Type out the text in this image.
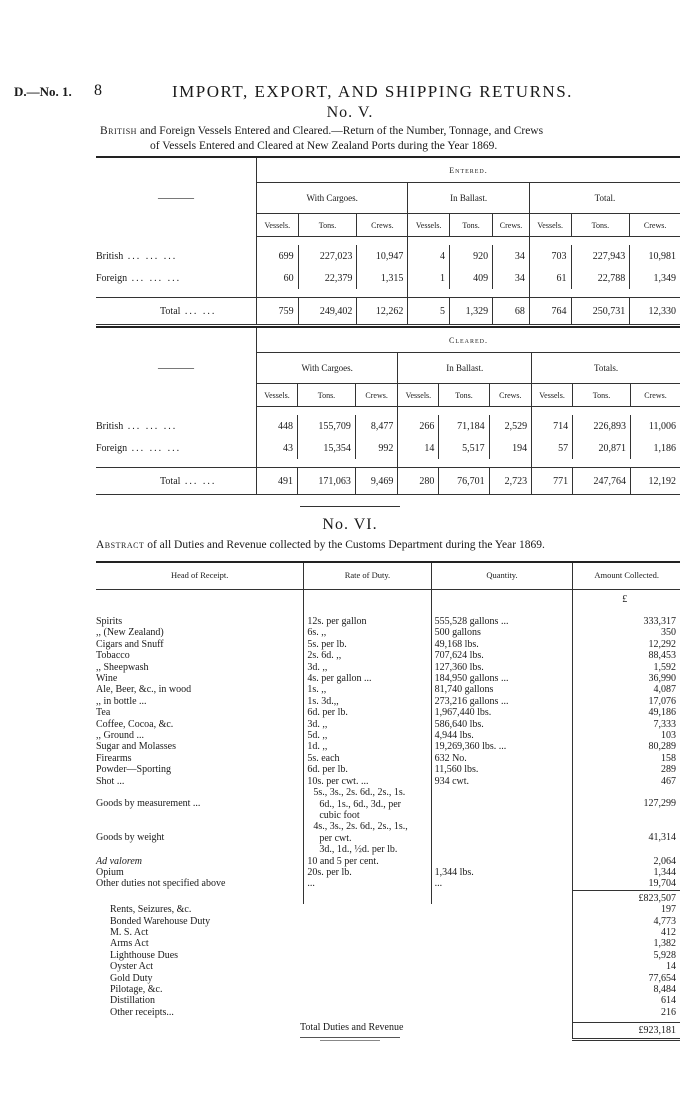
D.—No. 1. 8	IMPORT, EXPORT, AND SHIPPING RETURNS.
No. V.
British and Foreign Vessels Entered and Cleared.—Return of the Number, Tonnage, and Crews
of Vessels Entered and Cleared at New Zealand Ports during the Year 1869.
———	Entered.								
	With Cargoes.			In Ballast.			Total.		
	Vessels.	Tons.	Crews.	Vessels.	Tons.	Crews.	Vessels.	Tons.	Crews.

British ... ... ...	699	227,023	10,947	4	920	34	703	227,943	10,981
Foreign ... ... ...	60	22,379	1,315	1	409	34	61	22,788	1,349

Total ... ...	759	249,402	12,262	5	1,329	68	764	250,731	12,330
———	Cleared.								
	With Cargoes.			In Ballast.			Totals.		
	Vessels.	Tons.	Crews.	Vessels.	Tons.	Crews.	Vessels.	Tons.	Crews.

British ... ... ...	448	155,709	8,477	266	71,184	2,529	714	226,893	11,006
Foreign ... ... ...	43	15,354	992	14	5,517	194	57	20,871	1,186

Total ... ...	491	171,063	9,469	280	76,701	2,723	771	247,764	12,192
No. VI.
Abstract of all Duties and Revenue collected by the Customs Department during the Year 1869.
Head of Receipt.	Rate of Duty.	Quantity.	Amount Collected.
			£

Spirits	12s. per gallon	555,528 gallons ...	333,317
,, (New Zealand)	6s. ,,	500 gallons	350
Cigars and Snuff	5s. per lb.	49,168 lbs.	12,292
Tobacco	2s. 6d. ,,	707,624 lbs.	88,453
,, Sheepwash	3d. ,,	127,360 lbs.	1,592
Wine	4s. per gallon ...	184,950 gallons ...	36,990
Ale, Beer, &c., in wood	1s. ,,	81,740 gallons	4,087
,, in bottle ...	1s. 3d.,,	273,216 gallons ...	17,076
Tea	6d. per lb.	1,967,440 lbs.	49,186
Coffee, Cocoa, &c.	3d. ,,	586,640 lbs.	7,333
,, Ground ...	5d. ,,	4,944 lbs.	103
Sugar and Molasses	1d. ,,	19,269,360 lbs. ...	80,289
Firearms	5s. each	632 No.	158
Powder—Sporting	6d. per lb.	11,560 lbs.	289
Shot ...	10s. per cwt. ...	934 cwt.	467

Goods by measurement ...	5s., 3s., 2s. 6d., 2s., 1s.
6d., 1s., 6d., 3d., per
cubic foot		127,299

Goods by weight	4s., 3s., 2s. 6d., 2s., 1s.,
per cwt.
3d., 1d., ½d. per lb.		41,314

Ad valorem	10 and 5 per cent.		2,064
Opium	20s. per lb.	1,344 lbs.	1,344
Other duties not specified above	...	...	19,704
			£823,507
Rents, Seizures, &c.			197
Bonded Warehouse Duty			4,773
M. S. Act			412
Arms Act			1,382
Lighthouse Dues			5,928
Oyster Act			14
Gold Duty			77,654
Pilotage, &c.			8,484
Distillation			614
Other receipts...			216

Total Duties and Revenue			£923,181
